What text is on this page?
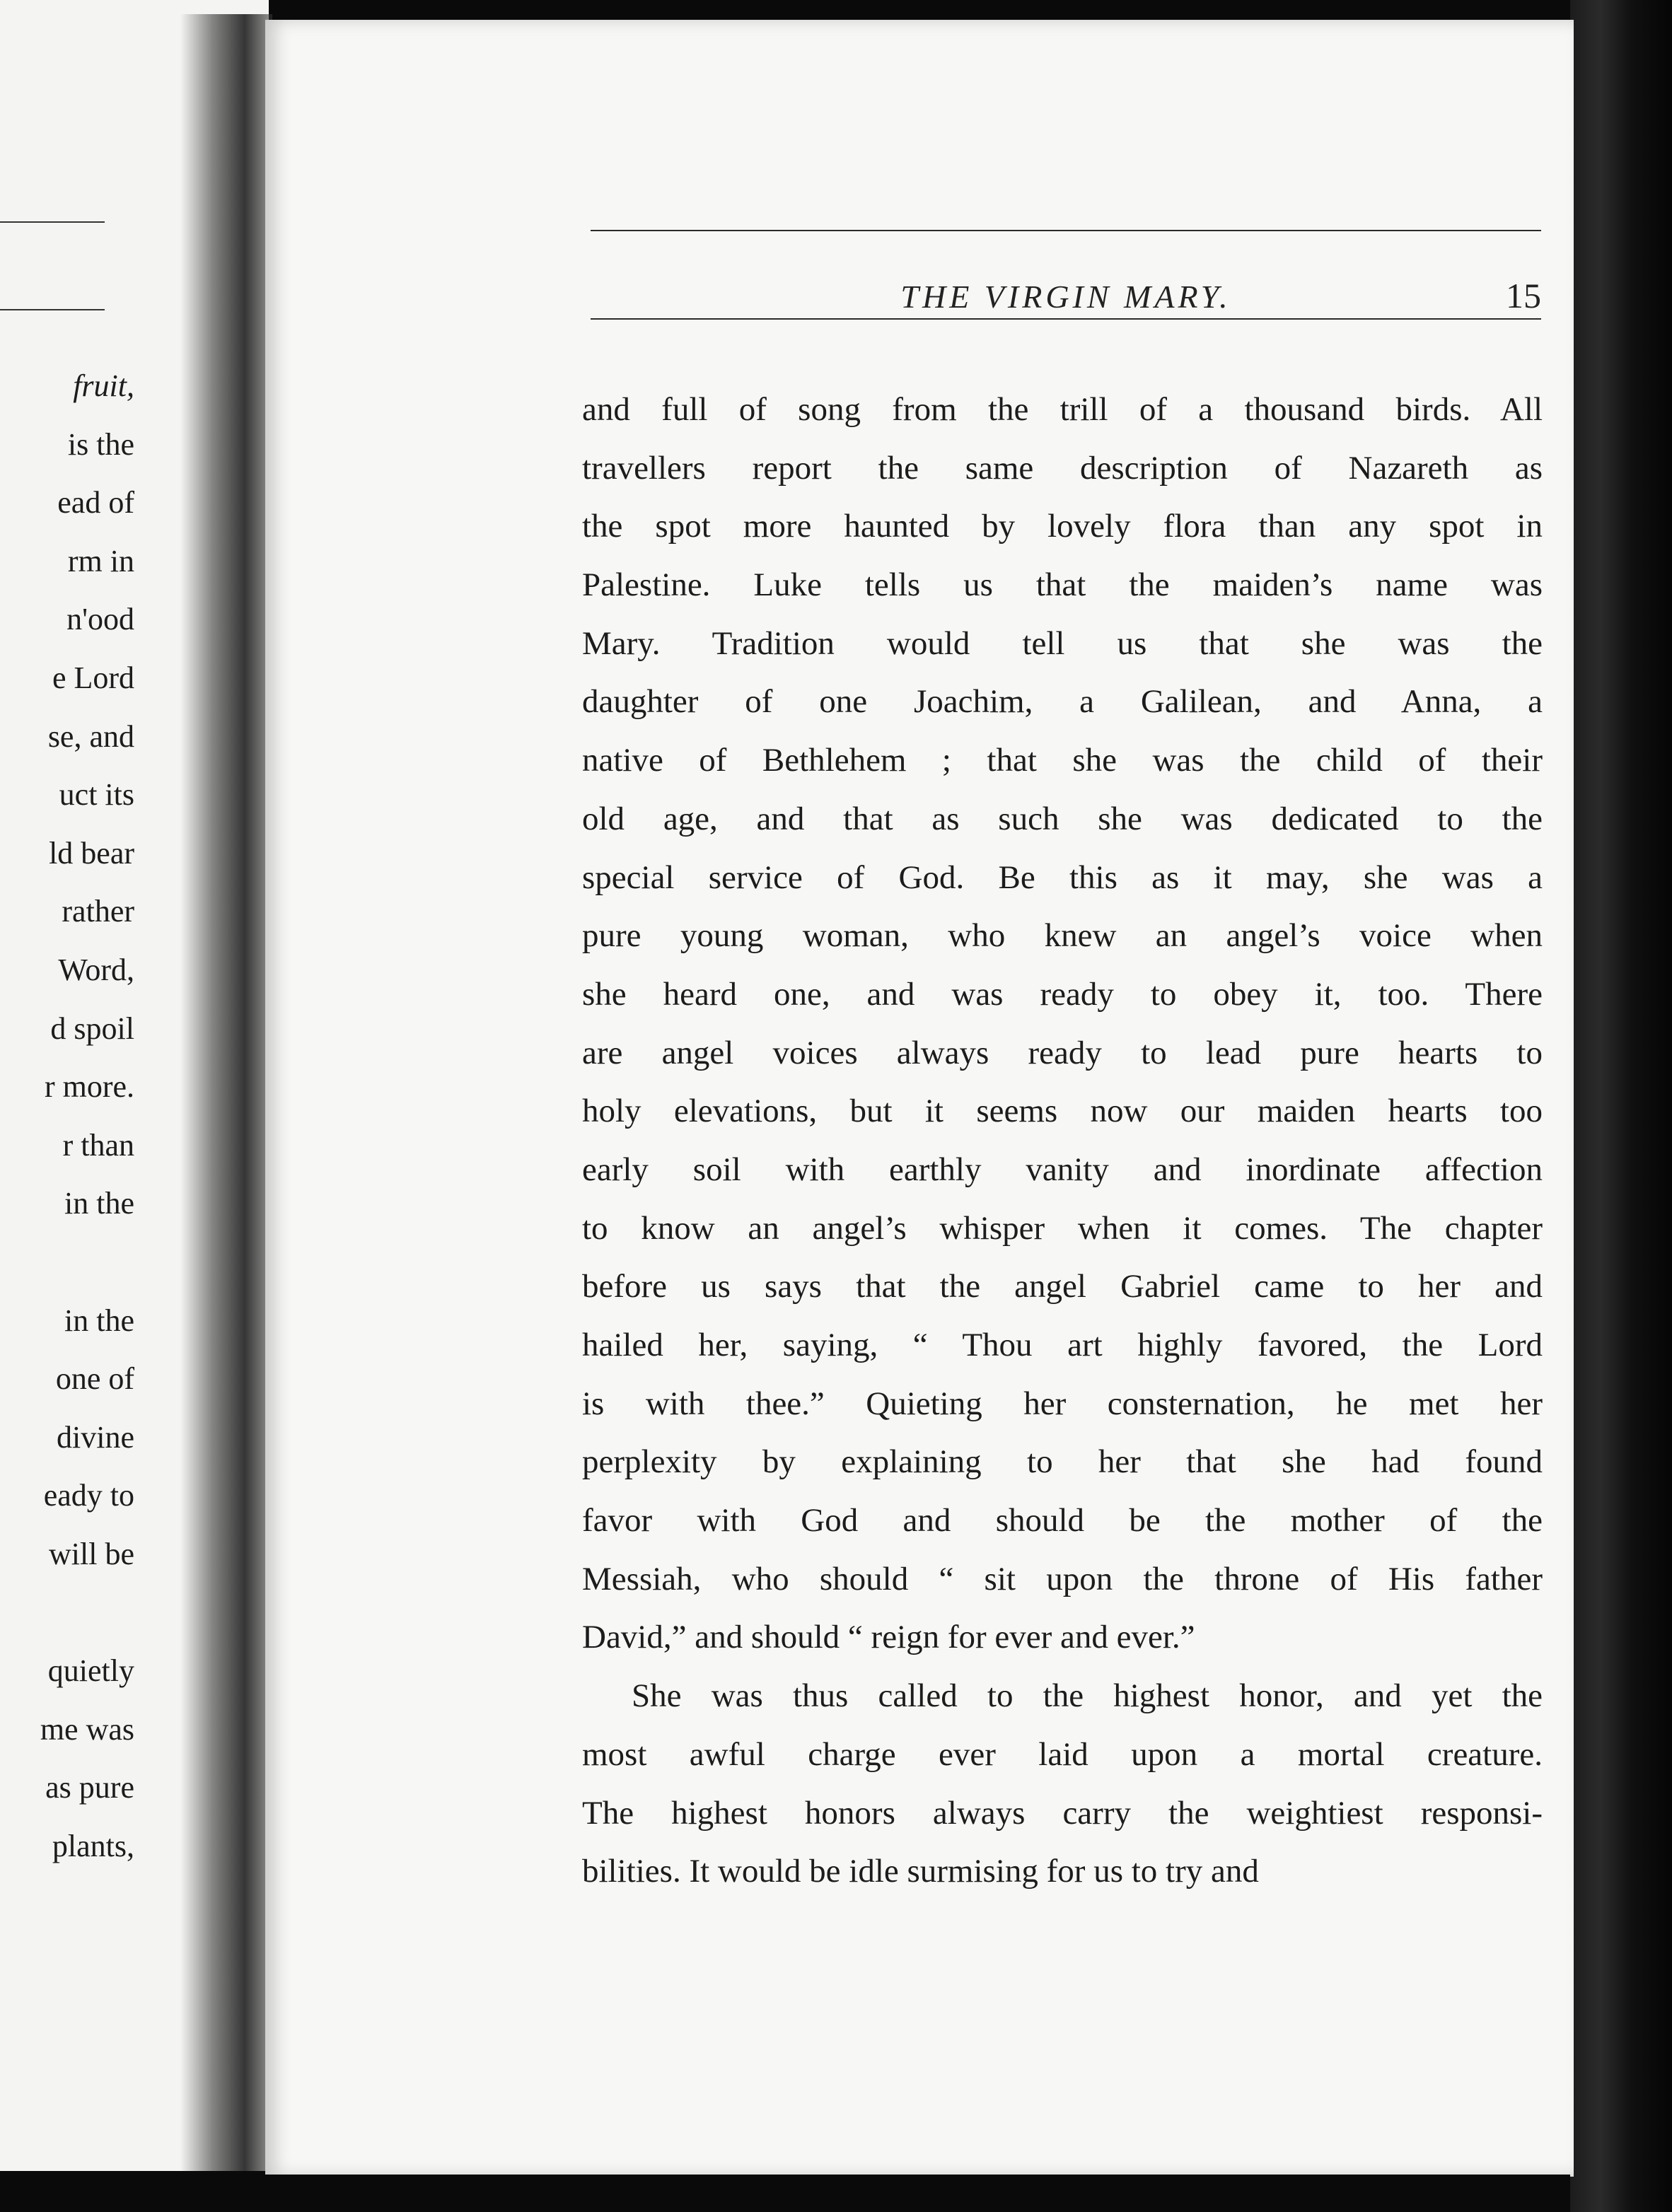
fruit,
is the
ead of
rm in
n'ood
e Lord
se, and
uct its
ld bear
rather
Word,
d spoil
r more.
r than
in the
in the
one of
divine
eady to
will be
quietly
me was
as pure
plants,
THE VIRGIN MARY.	15
and full of song from the trill of a thousand birds. All
travellers report the same description of Nazareth as
the spot more haunted by lovely flora than any spot in
Palestine. Luke tells us that the maiden’s name was
Mary. Tradition would tell us that she was the
daughter of one Joachim, a Galilean, and Anna, a
native of Bethlehem ; that she was the child of their
old age, and that as such she was dedicated to the
special service of God. Be this as it may, she was a
pure young woman, who knew an angel’s voice when
she heard one, and was ready to obey it, too. There
are angel voices always ready to lead pure hearts to
holy elevations, but it seems now our maiden hearts too
early soil with earthly vanity and inordinate affection
to know an angel’s whisper when it comes. The chapter
before us says that the angel Gabriel came to her and
hailed her, saying, “ Thou art highly favored, the Lord
is with thee.” Quieting her consternation, he met her
perplexity by explaining to her that she had found
favor with God and should be the mother of the
Messiah, who should “ sit upon the throne of His father
David,” and should “ reign for ever and ever.”
She was thus called to the highest honor, and yet the
most awful charge ever laid upon a mortal creature.
The highest honors always carry the weightiest responsi-
bilities. It would be idle surmising for us to try and
